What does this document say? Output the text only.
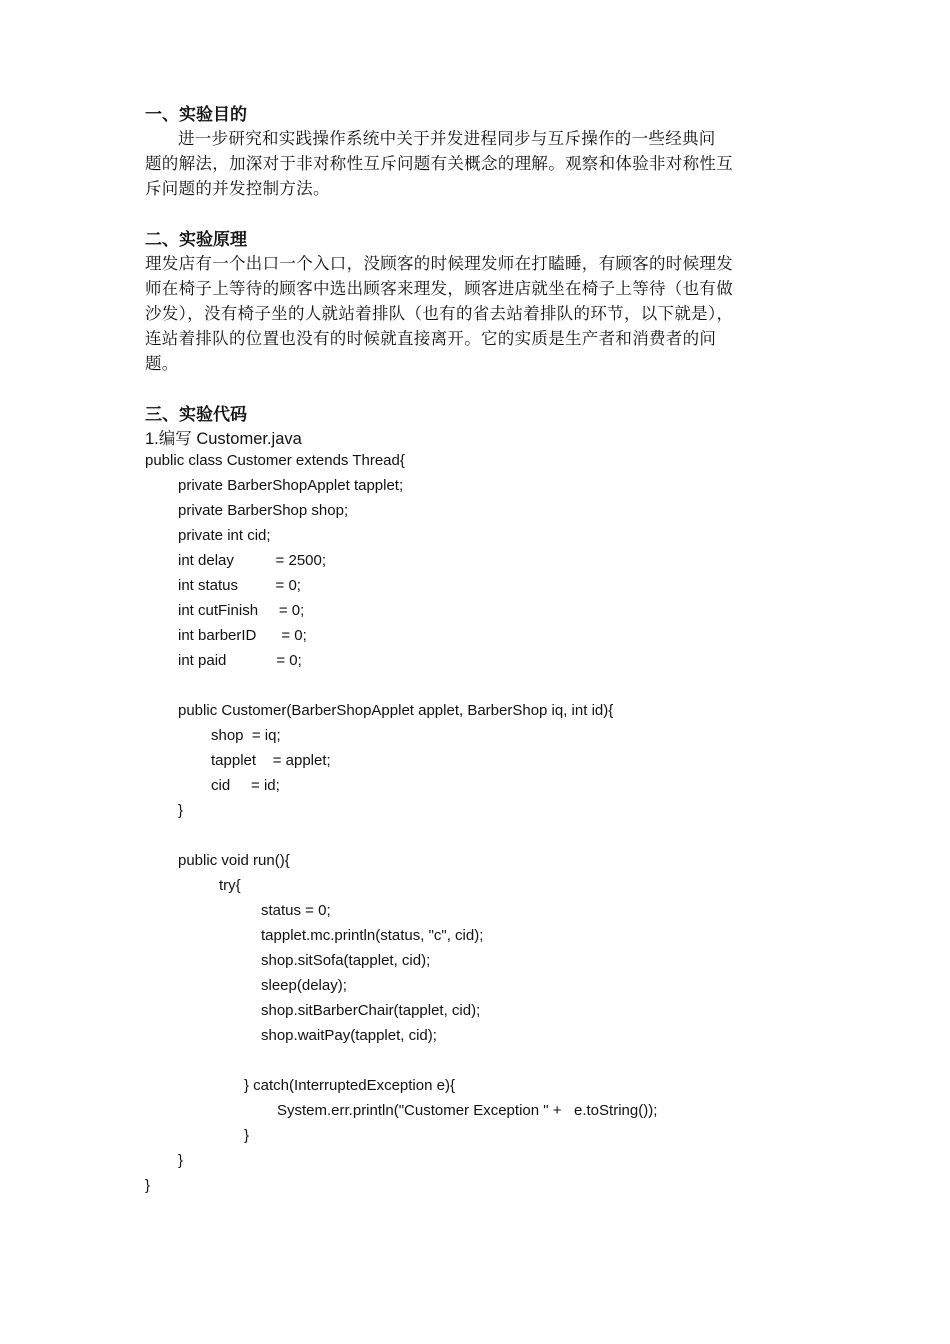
一、实验目的
进一步研究和实践操作系统中关于并发进程同步与互斥操作的一些经典问
题的解法，加深对于非对称性互斥问题有关概念的理解。观察和体验非对称性互
斥问题的并发控制方法。
二、实验原理
理发店有一个出口一个入口，没顾客的时候理发师在打瞌睡，有顾客的时候理发
师在椅子上等待的顾客中选出顾客来理发，顾客进店就坐在椅子上等待（也有做
沙发），没有椅子坐的人就站着排队（也有的省去站着排队的环节，以下就是），
连站着排队的位置也没有的时候就直接离开。它的实质是生产者和消费者的问
题。
三、实验代码
1.编写 Customer.java
public class Customer extends Thread{
private BarberShopApplet tapplet;
private BarberShop shop;
private int cid;
int delay          = 2500;
int status         = 0;
int cutFinish     = 0;
int barberID      = 0;
int paid            = 0;
public Customer(BarberShopApplet applet, BarberShop iq, int id){
shop  = iq;
tapplet    = applet;
cid     = id;
}
public void run(){
try{
status = 0;
tapplet.mc.println(status, "c", cid);
shop.sitSofa(tapplet, cid);
sleep(delay);
shop.sitBarberChair(tapplet, cid);
shop.waitPay(tapplet, cid);
} catch(InterruptedException e){
System.err.println("Customer Exception " +   e.toString());
}
}
}
